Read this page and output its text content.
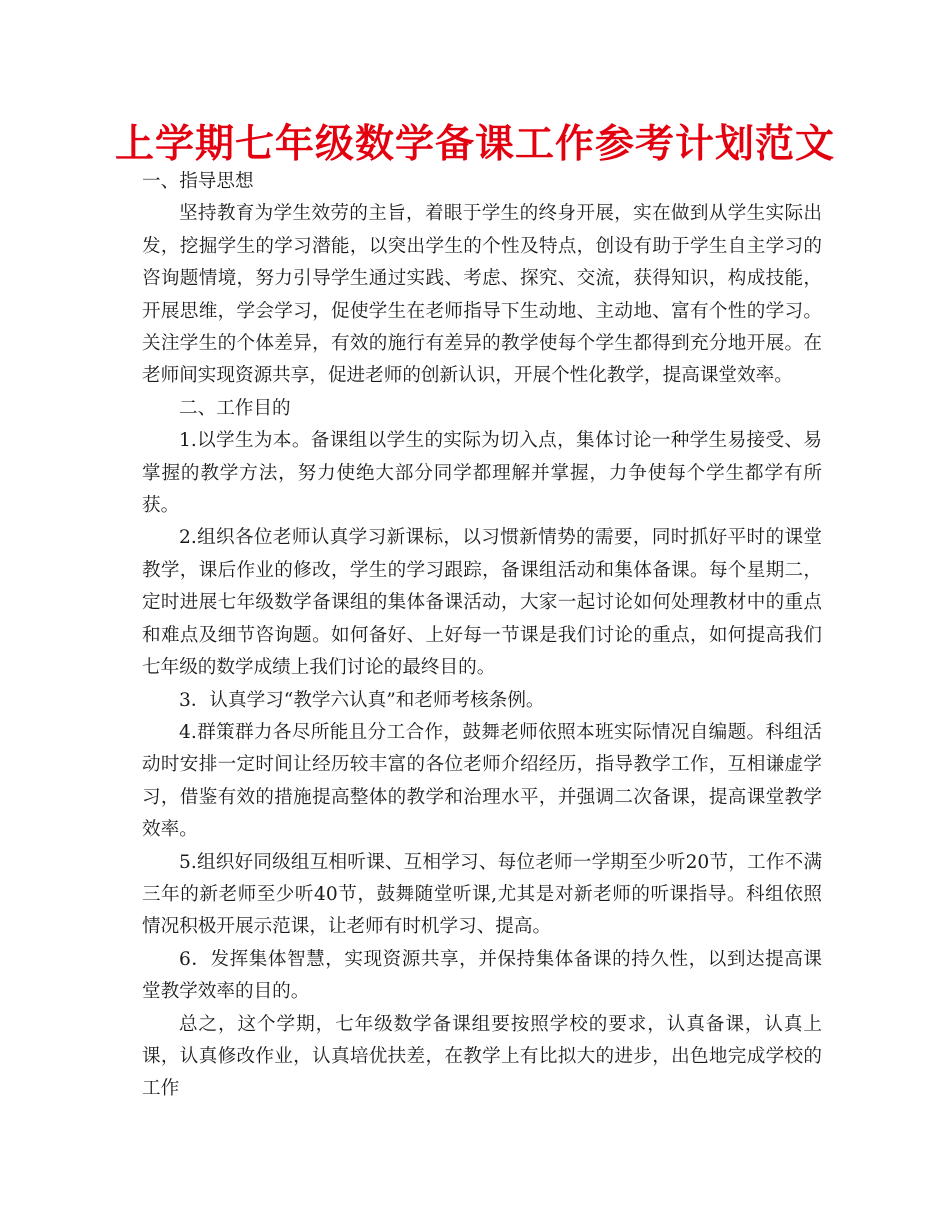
上学期七年级数学备课工作参考计划范文

一、指导思想

坚持教育为学生效劳的主旨，着眼于学生的终身开展，实在做到从学生实际出发，挖掘学生的学习潜能，以突出学生的个性及特点，创设有助于学生自主学习的咨询题情境，努力引导学生通过实践、考虑、探究、交流，获得知识，构成技能，开展思维，学会学习，促使学生在老师指导下生动地、主动地、富有个性的学习。关注学生的个体差异，有效的施行有差异的教学使每个学生都得到充分地开展。在老师间实现资源共享，促进老师的创新认识，开展个性化教学，提高课堂效率。

二、工作目的

1.以学生为本。备课组以学生的实际为切入点，集体讨论一种学生易接受、易掌握的教学方法，努力使绝大部分同学都理解并掌握，力争使每个学生都学有所获。

2.组织各位老师认真学习新课标，以习惯新情势的需要，同时抓好平时的课堂教学，课后作业的修改，学生的学习跟踪，备课组活动和集体备课。每个星期二，定时进展七年级数学备课组的集体备课活动，大家一起讨论如何处理教材中的重点和难点及细节咨询题。如何备好、上好每一节课是我们讨论的重点，如何提高我们七年级的数学成绩上我们讨论的最终目的。

3．认真学习“教学六认真”和老师考核条例。

4.群策群力各尽所能且分工合作，鼓舞老师依照本班实际情况自编题。科组活动时安排一定时间让经历较丰富的各位老师介绍经历，指导教学工作，互相谦虚学习，借鉴有效的措施提高整体的教学和治理水平，并强调二次备课，提高课堂教学效率。

5.组织好同级组互相听课、互相学习、每位老师一学期至少听20节，工作不满三年的新老师至少听40节，鼓舞随堂听课,尤其是对新老师的听课指导。科组依照情况积极开展示范课，让老师有时机学习、提高。

6．发挥集体智慧，实现资源共享，并保持集体备课的持久性，以到达提高课堂教学效率的目的。

总之，这个学期，七年级数学备课组要按照学校的要求，认真备课，认真上课，认真修改作业，认真培优扶差，在教学上有比拟大的进步，出色地完成学校的工作
